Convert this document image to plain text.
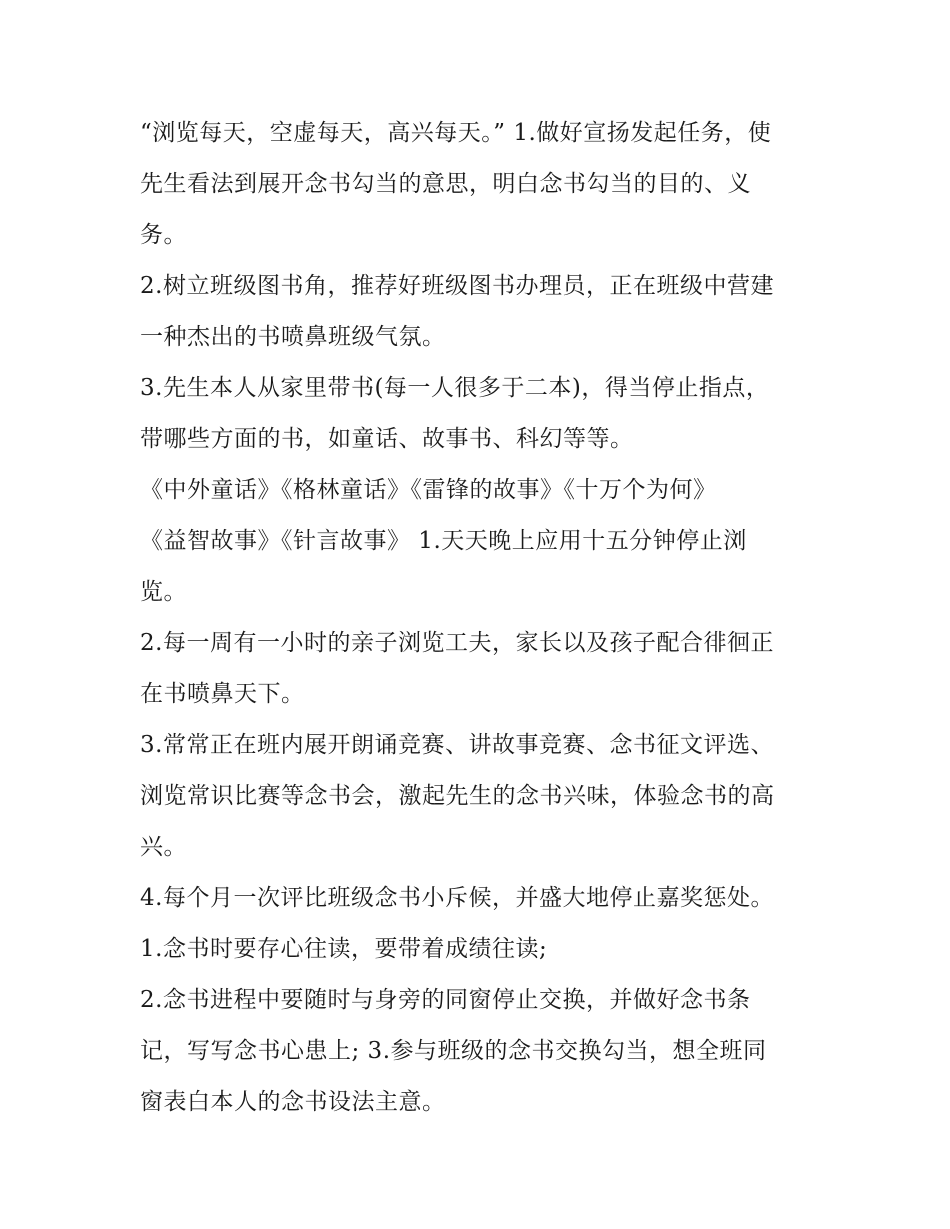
“浏览每天，空虚每天，高兴每天。” 1.做好宣扬发起任务，使
先生看法到展开念书勾当的意思，明白念书勾当的目的、义
务。
2.树立班级图书角，推荐好班级图书办理员，正在班级中营建
一种杰出的书喷鼻班级气氛。
3.先生本人从家里带书(每一人很多于二本)，得当停止指点，
带哪些方面的书，如童话、故事书、科幻等等。
《中外童话》《格林童话》《雷锋的故事》《十万个为何》
《益智故事》《针言故事》 1.天天晚上应用十五分钟停止浏
览。
2.每一周有一小时的亲子浏览工夫，家长以及孩子配合徘徊正
在书喷鼻天下。
3.常常正在班内展开朗诵竞赛、讲故事竞赛、念书征文评选、
浏览常识比赛等念书会，激起先生的念书兴味，体验念书的高
兴。
4.每个月一次评比班级念书小斥候，并盛大地停止嘉奖惩处。
1.念书时要存心往读，要带着成绩往读;
2.念书进程中要随时与身旁的同窗停止交换，并做好念书条
记，写写念书心患上; 3.参与班级的念书交换勾当，想全班同
窗表白本人的念书设法主意。
